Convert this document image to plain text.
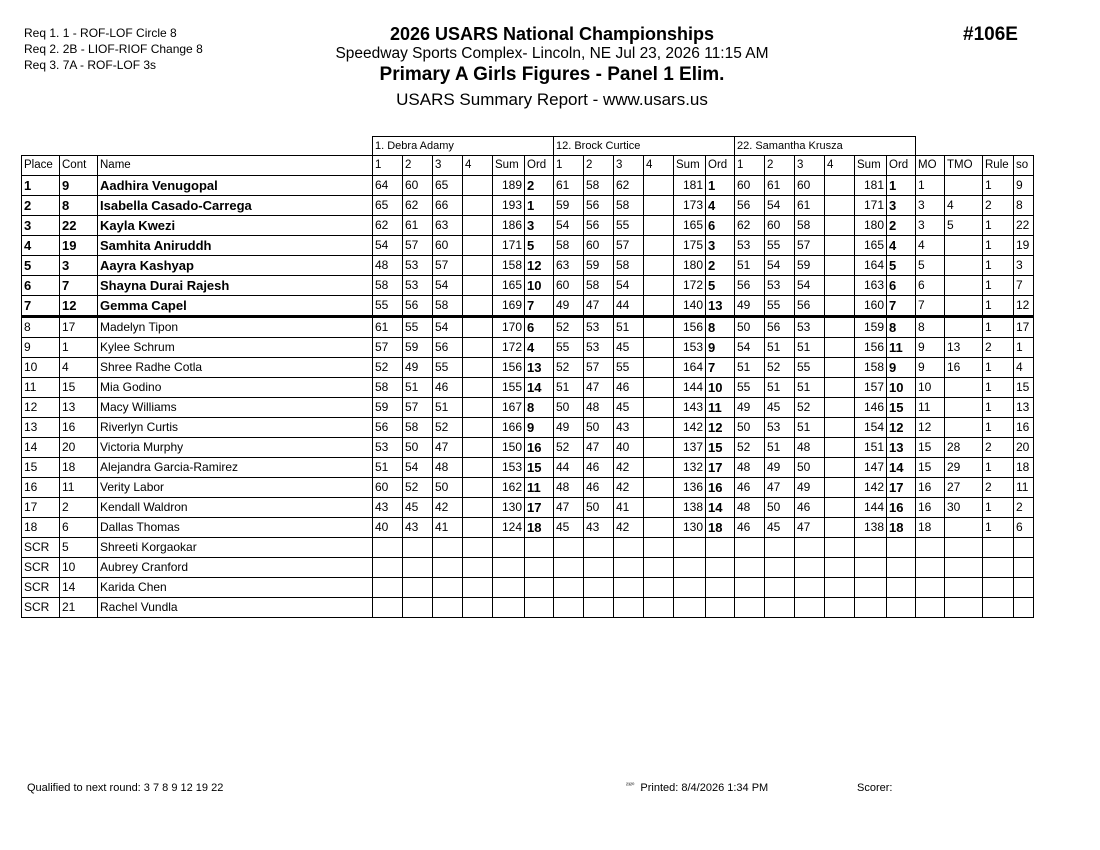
Req 1. 1 - ROF-LOF Circle 8
Req 2. 2B - LIOF-RIOF Change 8
Req 3. 7A - ROF-LOF 3s
2026 USARS National Championships
Speedway Sports Complex- Lincoln, NE Jul 23, 2026 11:15 AM
Primary A Girls Figures - Panel 1 Elim.
USARS Summary Report - www.usars.us
#106E
			1. Debra Adamy						12. Brock Curtice						22. Samantha Krusza									
Place	Cont	Name	1	2	3	4	Sum	Ord	1	2	3	4	Sum	Ord	1	2	3	4	Sum	Ord	MO	TMO	Rule	so
1	9	Aadhira Venugopal	64	60	65		189	2	61	58	62		181	1	60	61	60		181	1	1		1	9
2	8	Isabella Casado-Carrega	65	62	66		193	1	59	56	58		173	4	56	54	61		171	3	3	4	2	8
3	22	Kayla Kwezi	62	61	63		186	3	54	56	55		165	6	62	60	58		180	2	3	5	1	22
4	19	Samhita Aniruddh	54	57	60		171	5	58	60	57		175	3	53	55	57		165	4	4		1	19
5	3	Aayra Kashyap	48	53	57		158	12	63	59	58		180	2	51	54	59		164	5	5		1	3
6	7	Shayna Durai Rajesh	58	53	54		165	10	60	58	54		172	5	56	53	54		163	6	6		1	7
7	12	Gemma Capel	55	56	58		169	7	49	47	44		140	13	49	55	56		160	7	7		1	12
8	17	Madelyn Tipon	61	55	54		170	6	52	53	51		156	8	50	56	53		159	8	8		1	17
9	1	Kylee Schrum	57	59	56		172	4	55	53	45		153	9	54	51	51		156	11	9	13	2	1
10	4	Shree Radhe Cotla	52	49	55		156	13	52	57	55		164	7	51	52	55		158	9	9	16	1	4
11	15	Mia Godino	58	51	46		155	14	51	47	46		144	10	55	51	51		157	10	10		1	15
12	13	Macy Williams	59	57	51		167	8	50	48	45		143	11	49	45	52		146	15	11		1	13
13	16	Riverlyn Curtis	56	58	52		166	9	49	50	43		142	12	50	53	51		154	12	12		1	16
14	20	Victoria Murphy	53	50	47		150	16	52	47	40		137	15	52	51	48		151	13	15	28	2	20
15	18	Alejandra Garcia-Ramirez	51	54	48		153	15	44	46	42		132	17	48	49	50		147	14	15	29	1	18
16	11	Verity Labor	60	52	50		162	11	48	46	42		136	16	46	47	49		142	17	16	27	2	11
17	2	Kendall Waldron	43	45	42		130	17	47	50	41		138	14	48	50	46		144	16	16	30	1	2
18	6	Dallas Thomas	40	43	41		124	18	45	43	42		130	18	46	45	47		138	18	18		1	6
SCR	5	Shreeti Korgaokar																						
SCR	10	Aubrey Cranford																						
SCR	14	Karida Chen																						
SCR	21	Rachel Vundla																						
Qualified to next round: 3 7 8 9 12 19 22	$^{^{2320}}$ Printed: 8/4/2026 1:34 PM	Scorer:
